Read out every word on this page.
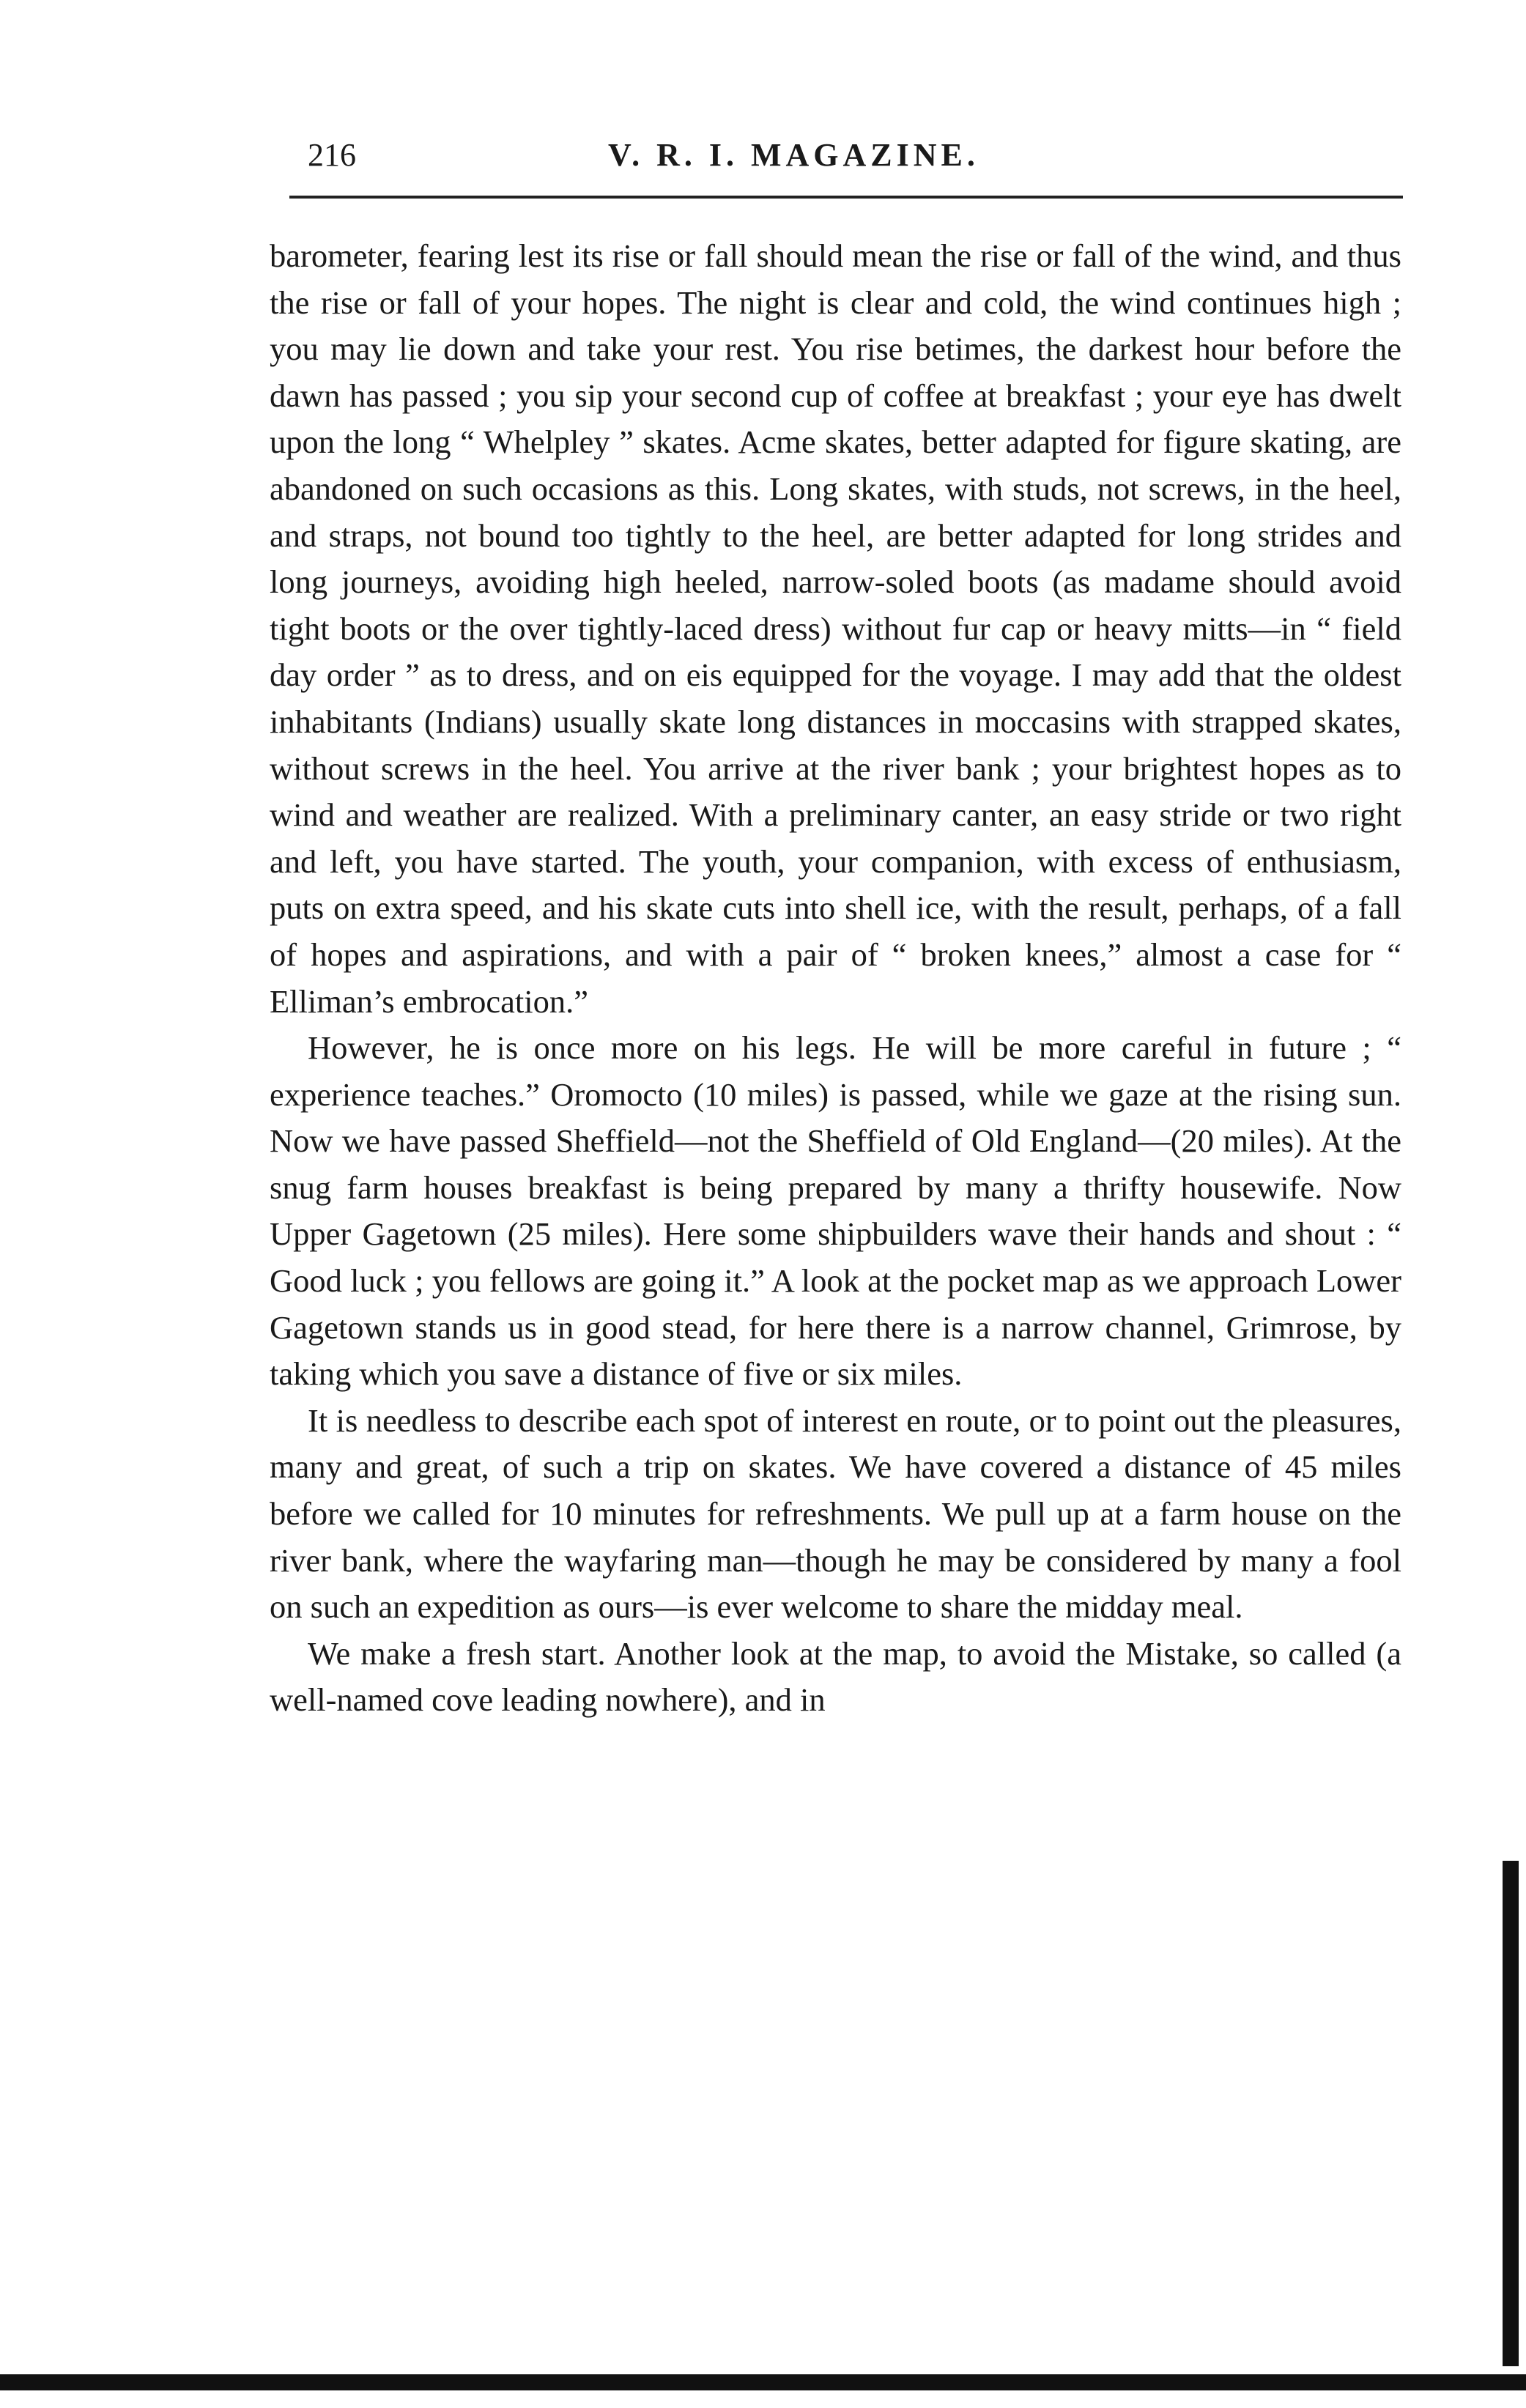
216	V. R. I. MAGAZINE.

barometer, fearing lest its rise or fall should mean the rise or fall of the wind, and thus the rise or fall of your hopes. The night is clear and cold, the wind continues high ; you may lie down and take your rest. You rise betimes, the darkest hour before the dawn has passed ; you sip your second cup of coffee at breakfast ; your eye has dwelt upon the long “ Whelpley ” skates. Acme skates, better adapted for figure skating, are abandoned on such occasions as this. Long skates, with studs, not screws, in the heel, and straps, not bound too tightly to the heel, are better adapted for long strides and long journeys, avoiding high heeled, narrow-soled boots (as madame should avoid tight boots or the over tightly-laced dress) without fur cap or heavy mitts—in “ field day order ” as to dress, and on eis equipped for the voyage. I may add that the oldest inhabitants (Indians) usually skate long distances in moccasins with strapped skates, without screws in the heel. You arrive at the river bank ; your brightest hopes as to wind and weather are realized. With a preliminary canter, an easy stride or two right and left, you have started. The youth, your companion, with excess of enthusiasm, puts on extra speed, and his skate cuts into shell ice, with the result, perhaps, of a fall of hopes and aspirations, and with a pair of “ broken knees,” almost a case for “ Elliman’s embrocation.”

However, he is once more on his legs. He will be more careful in future ; “ experience teaches.” Oromocto (10 miles) is passed, while we gaze at the rising sun. Now we have passed Sheffield—not the Sheffield of Old England—(20 miles). At the snug farm houses breakfast is being prepared by many a thrifty housewife. Now Upper Gagetown (25 miles). Here some shipbuilders wave their hands and shout : “ Good luck ; you fellows are going it.” A look at the pocket map as we approach Lower Gagetown stands us in good stead, for here there is a narrow channel, Grimrose, by taking which you save a distance of five or six miles.

It is needless to describe each spot of interest en route, or to point out the pleasures, many and great, of such a trip on skates. We have covered a distance of 45 miles before we called for 10 minutes for refreshments. We pull up at a farm house on the river bank, where the wayfaring man—though he may be considered by many a fool on such an expedition as ours—is ever welcome to share the midday meal.

We make a fresh start. Another look at the map, to avoid the Mistake, so called (a well-named cove leading nowhere), and in
